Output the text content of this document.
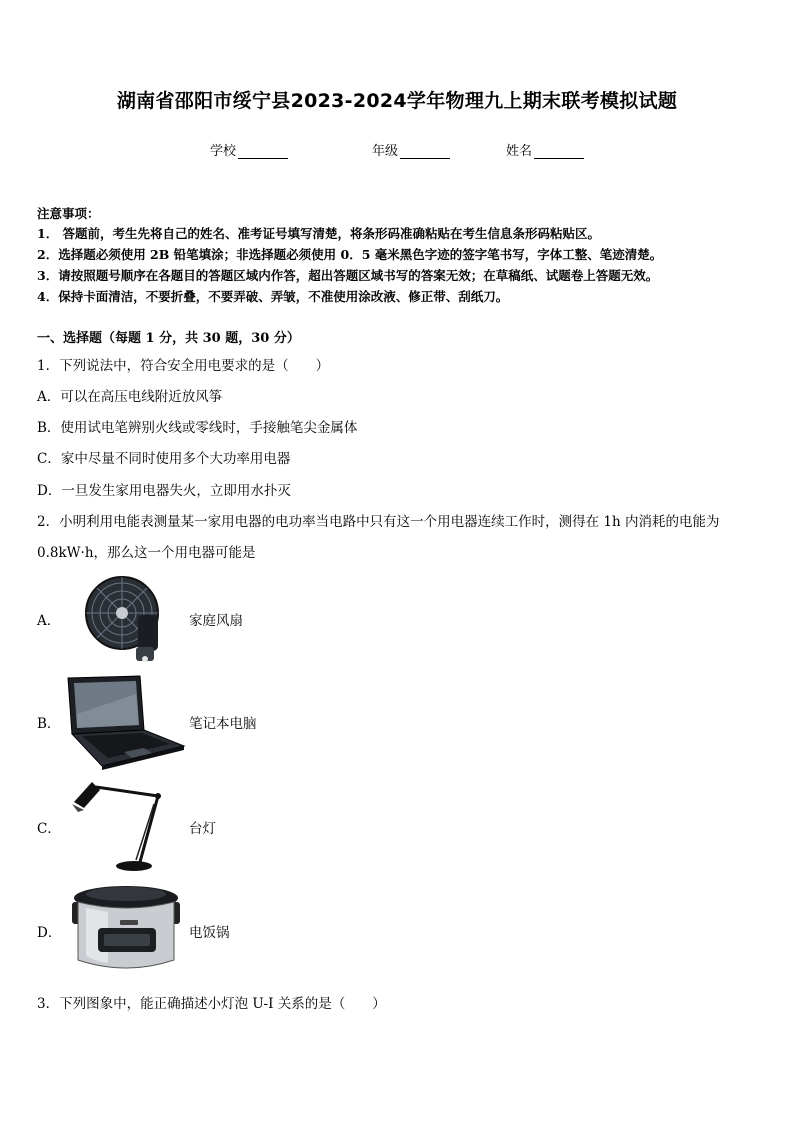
湖南省邵阳市绥宁县2023-2024学年物理九上期末联考模拟试题
学校	年级	姓名
注意事项：
1． 答题前，考生先将自己的姓名、准考证号填写清楚，将条形码准确粘贴在考生信息条形码粘贴区。
2．选择题必须使用 2B 铅笔填涂；非选择题必须使用 0．5 毫米黑色字迹的签字笔书写，字体工整、笔迹清楚。
3．请按照题号顺序在各题目的答题区域内作答，超出答题区域书写的答案无效；在草稿纸、试题卷上答题无效。
4．保持卡面清洁，不要折叠，不要弄破、弄皱，不准使用涂改液、修正带、刮纸刀。
一、选择题（每题 1 分，共 30 题，30 分）
1．下列说法中，符合安全用电要求的是（　　）
A．可以在高压电线附近放风筝
B．使用试电笔辨别火线或零线时，手接触笔尖金属体
C．家中尽量不同时使用多个大功率用电器
D．一旦发生家用电器失火，立即用水扑灭
2．小明利用电能表测量某一家用电器的电功率当电路中只有这一个用电器连续工作时，测得在 1h 内消耗的电能为
0.8kW·h，那么这一个用电器可能是
A．	家庭风扇
B．	笔记本电脑
C．	台灯
D．	电饭锅
3．下列图象中，能正确描述小灯泡 U-I 关系的是（　　）
